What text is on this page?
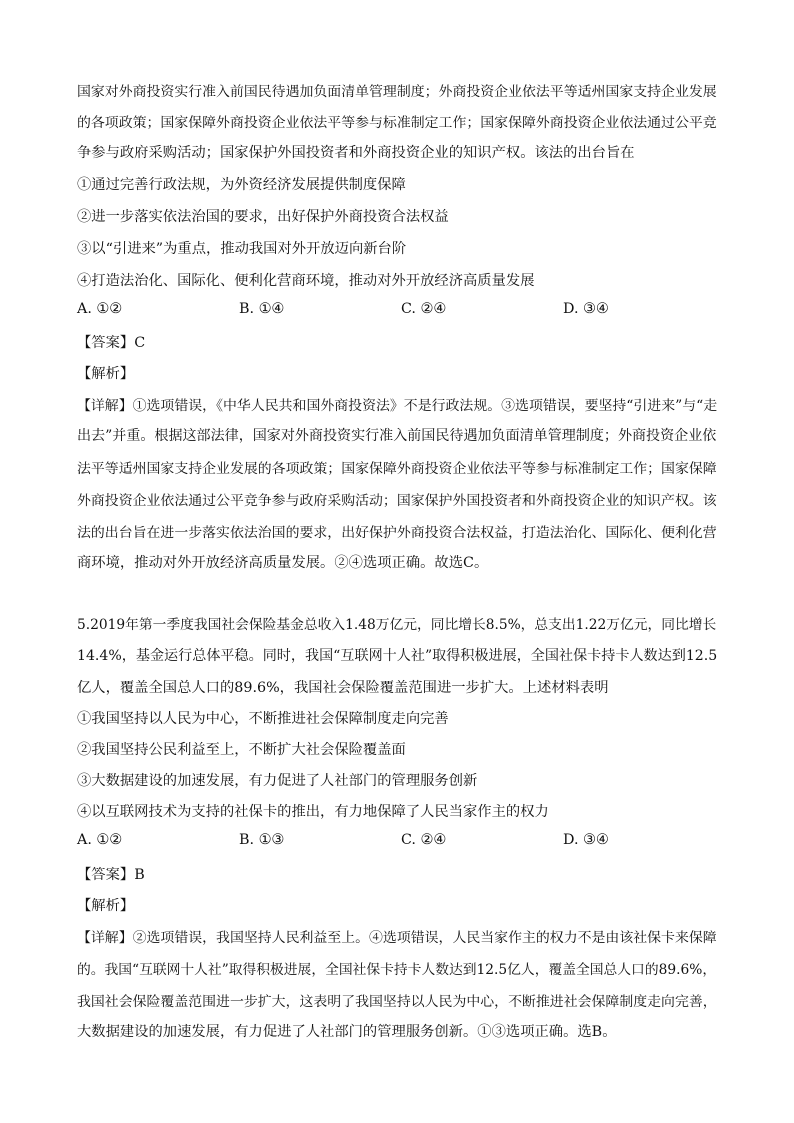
国家对外商投资实行准入前国民待遇加负面清单管理制度；外商投资企业依法平等适州国家支持企业发展
的各项政策；国家保障外商投资企业依法平等参与标准制定工作；国家保障外商投资企业依法通过公平竞
争参与政府采购活动；国家保护外国投资者和外商投资企业的知识产权。该法的出台旨在
①通过完善行政法规，为外资经济发展提供制度保障
②进一步落实依法治国的要求，出好保护外商投资合法权益
③以“引进来”为重点，推动我国对外开放迈向新台阶
④打造法治化、国际化、便利化营商环境，推动对外开放经济高质量发展
A. ①②	B. ①④	C. ②④	D. ③④
【答案】C
【解析】
【详解】①选项错误，《中华人民共和国外商投资法》不是行政法规。③选项错误，要坚持“引进来”与“走
出去”并重。根据这部法律，国家对外商投资实行准入前国民待遇加负面清单管理制度；外商投资企业依
法平等适州国家支持企业发展的各项政策；国家保障外商投资企业依法平等参与标准制定工作；国家保障
外商投资企业依法通过公平竞争参与政府采购活动；国家保护外国投资者和外商投资企业的知识产权。该
法的出台旨在进一步落实依法治国的要求，出好保护外商投资合法权益，打造法治化、国际化、便利化营
商环境，推动对外开放经济高质量发展。②④选项正确。故选C。
5.2019年第一季度我国社会保险基金总收入1.48万亿元，同比增长8.5%，总支出1.22万亿元，同比增长
14.4%，基金运行总体平稳。同时，我国“互联网十人社”取得积极进展，全国社保卡持卡人数达到12.5
亿人，覆盖全国总人口的89.6%，我国社会保险覆盖范围进一步扩大。上述材料表明
①我国坚持以人民为中心，不断推进社会保障制度走向完善
②我国坚持公民利益至上，不断扩大社会保险覆盖面
③大数据建设的加速发展，有力促进了人社部门的管理服务创新
④以互联网技术为支持的社保卡的推出，有力地保障了人民当家作主的权力
A. ①②	B. ①③	C. ②④	D. ③④
【答案】B
【解析】
【详解】②选项错误，我国坚持人民利益至上。④选项错误，人民当家作主的权力不是由该社保卡来保障
的。我国“互联网十人社”取得积极进展，全国社保卡持卡人数达到12.5亿人，覆盖全国总人口的89.6%，
我国社会保险覆盖范围进一步扩大，这表明了我国坚持以人民为中心，不断推进社会保障制度走向完善，
大数据建设的加速发展，有力促进了人社部门的管理服务创新。①③选项正确。选B。
